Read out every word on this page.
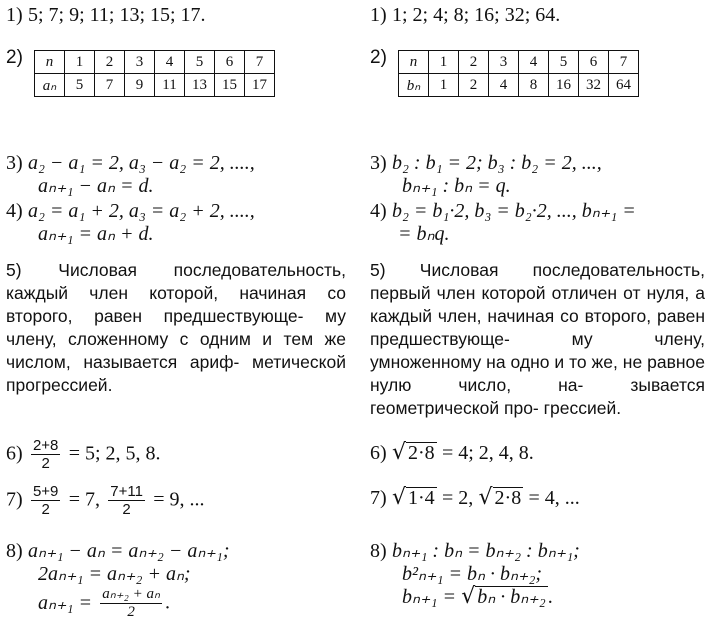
1) 5; 7; 9; 11; 13; 15; 17.
2) n	1	2	3	4	5	6	7
aₙ	5	7	9	11	13	15	17
3) a₂ − a₁ = 2, a₃ − a₂ = 2, ....,
aₙ₊₁ − aₙ = d.
4) a₂ = a₁ + 2, a₃ = a₂ + 2, ....,
aₙ₊₁ = aₙ + d.
5) Числовая последовательность, каждый член которой, начиная со второго, равен предшествующе- му члену, сложенному с одним и тем же числом, называется ариф- метической прогрессией.
$6) \frac{2+8}{2} = 5$; 2, 5, 8.
$7) \frac{5+9}{2} = 7$, $\frac{7+11}{2} = 9$, ...
8) aₙ₊₁ − aₙ = aₙ₊₂ − aₙ₊₁;
2aₙ₊₁ = aₙ₊₂ + aₙ;
$a_{n+1} = \frac{\text{aₙ₊₂ + aₙ}}{2}$ .
1) 1; 2; 4; 8; 16; 32; 64.
2) n	1	2	3	4	5	6	7
bₙ	1	2	4	8	16	32	64
3) b₂ : b₁ = 2; b₃ : b₂ = 2, ...,
bₙ₊₁ : bₙ = q.
4) b₂ = b₁·2, b₃ = b₂·2, ..., bₙ₊₁ =
= bₙq.
5) Числовая последовательность, первый член которой отличен от нуля, а каждый член, начиная со второго, равен предшествующе- му члену, умноженному на одно и то же, не равное нулю число, на- зывается геометрической про- грессией.
6) √ 2·8 = 4; 2, 4, 8.
7) √ 1·4 = 2, √ 2·8 = 4, ...
8) bₙ₊₁ : bₙ = bₙ₊₂ : bₙ₊₁;
b²ₙ₊₁ = bₙ · bₙ₊₂;
bₙ₊₁ = √ bₙ · bₙ₊₂ .
